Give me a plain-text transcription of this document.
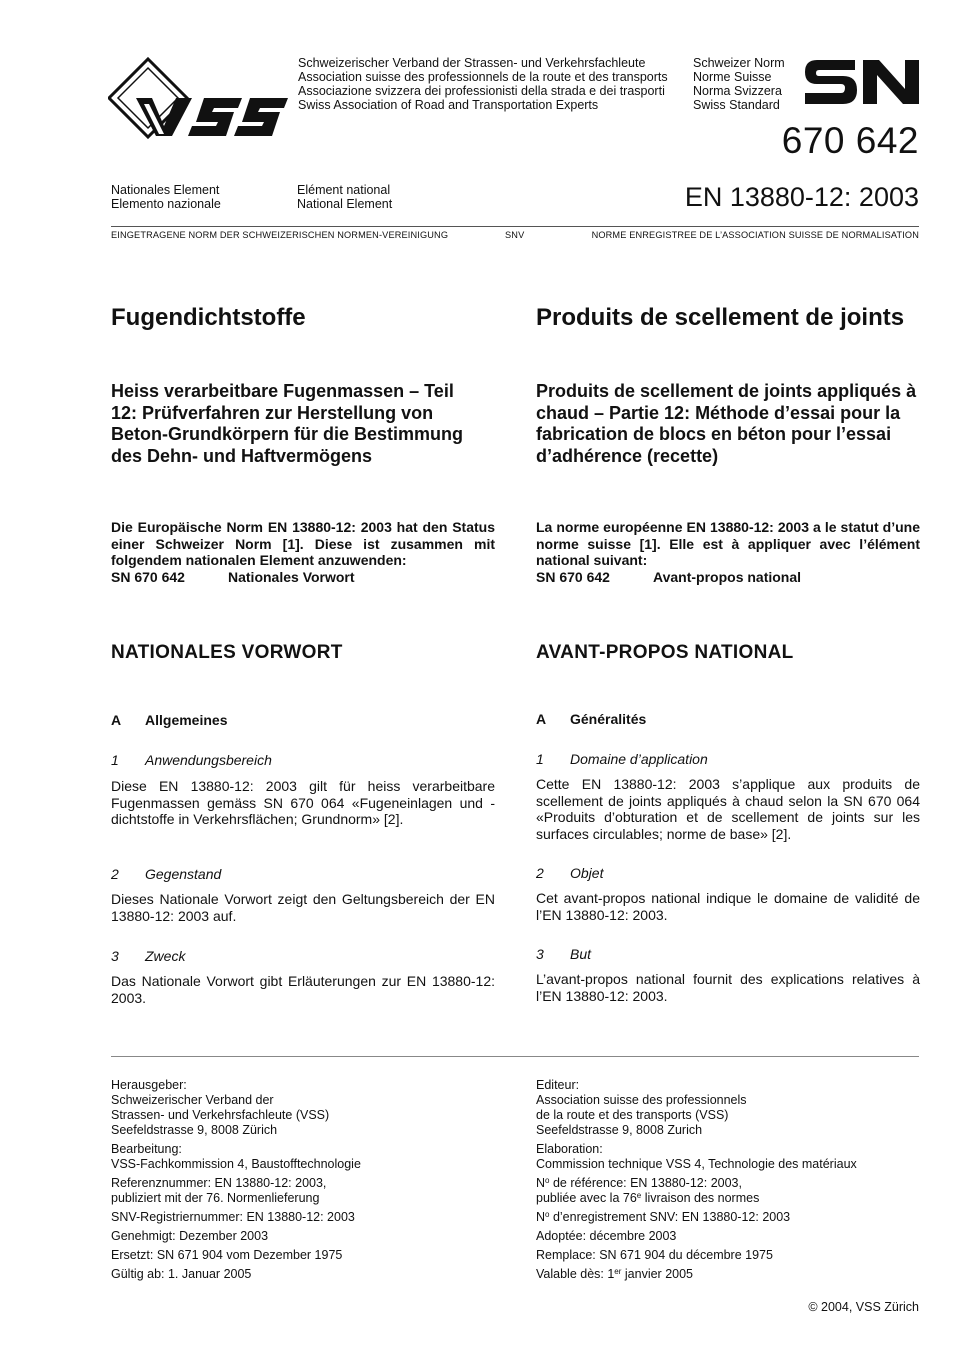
Schweizerischer Verband der Strassen- und Verkehrsfachleute
Association suisse des professionnels de la route et des transports
Associazione svizzera dei professionisti della strada e dei trasporti
Swiss Association of Road and Transportation Experts
Schweizer Norm
Norme Suisse
Norma Svizzera
Swiss Standard
670 642
Nationales Element
Elemento nazionale
Elément national
National Element	EN 13880-12: 2003
EINGETRAGENE NORM DER SCHWEIZERISCHEN NORMEN-VEREINIGUNG	SNV	NORME ENREGISTREE DE L’ASSOCIATION SUISSE DE NORMALISATION
Fugendichtstoffe
Heiss verarbeitbare Fugenmassen – Teil 12: Prüfverfahren zur Herstellung von Beton-Grundkörpern für die Bestimmung des Dehn- und Haftvermögens

Die Europäische Norm EN 13880-12: 2003 hat den Status einer Schweizer Norm [1]. Diese ist zusammen mit folgendem nationalen Element anzuwenden:

SN 670 642	Nationales Vorwort
NATIONALES VORWORT
A	Allgemeines
1	Anwendungsbereich

Diese EN 13880-12: 2003 gilt für heiss verarbeitbare Fugenmassen gemäss SN 670 064 «Fugeneinlagen und -dichtstoffe in Verkehrsflächen; Grundnorm» [2].

2	Gegenstand

Dieses Nationale Vorwort zeigt den Geltungsbereich der EN 13880-12: 2003 auf.

3	Zweck

Das Nationale Vorwort gibt Erläuterungen zur EN 13880-12: 2003.

Produits de scellement de joints
Produits de scellement de joints appliqués à chaud – Partie 12: Méthode d’essai pour la fabrication de blocs en béton pour l’essai d’adhérence (recette)

La norme européenne EN 13880-12: 2003 a le statut d’une norme suisse [1]. Elle est à appliquer avec l’élément national suivant:

SN 670 642	Avant-propos national
AVANT-PROPOS NATIONAL
A	Généralités
1	Domaine d’application

Cette EN 13880-12: 2003 s’applique aux produits de scellement de joints appliqués à chaud selon la SN 670 064 «Produits d’obturation et de scellement de joints sur les surfaces circulables; norme de base» [2].

2	Objet

Cet avant-propos national indique le domaine de validité de l’EN 13880-12: 2003.

3	But

L’avant-propos national fournit des explications relatives à l’EN 13880-12: 2003.

Herausgeber:
Schweizerischer Verband der
Strassen- und Verkehrsfachleute (VSS)
Seefeldstrasse 9, 8008 Zürich
Bearbeitung:
VSS-Fachkommission 4, Baustofftechnologie
Referenznummer: EN 13880-12: 2003,
publiziert mit der 76. Normenlieferung
SNV-Registriernummer: EN 13880-12: 2003
Genehmigt: Dezember 2003
Ersetzt: SN 671 904 vom Dezember 1975
Gültig ab: 1. Januar 2005
Editeur:
Association suisse des professionnels
de la route et des transports (VSS)
Seefeldstrasse 9, 8008 Zurich
Elaboration:
Commission technique VSS 4, Technologie des matériaux
$N^o$ de référence: EN 13880-12: 2003,
publiée avec la 76e livraison des normes
$N^o$ d’enregistrement SNV: EN 13880-12: 2003
Adoptée: décembre 2003
Remplace: SN 671 904 du décembre 1975
Valable dès: 1er janvier 2005
© 2004, VSS Zürich
